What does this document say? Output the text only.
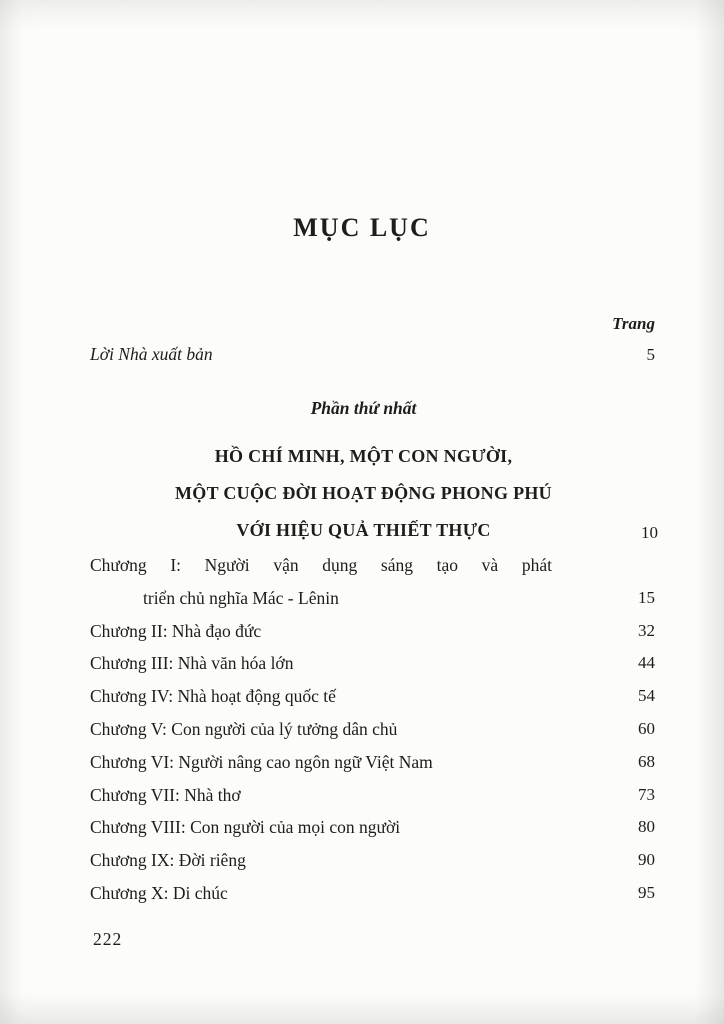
MỤC LỤC
Trang
Lời Nhà xuất bản	5
Phần thứ nhất
HỒ CHÍ MINH, MỘT CON NGƯỜI,
MỘT CUỘC ĐỜI HOẠT ĐỘNG PHONG PHÚ
VỚI HIỆU QUẢ THIẾT THỰC	10
Chương I: Người vận dụng sáng tạo và phát
triển chủ nghĩa Mác - Lênin	15
Chương II: Nhà đạo đức	32
Chương III: Nhà văn hóa lớn	44
Chương IV: Nhà hoạt động quốc tế	54
Chương V: Con người của lý tưởng dân chủ	60
Chương VI: Người nâng cao ngôn ngữ Việt Nam	68
Chương VII: Nhà thơ	73
Chương VIII: Con người của mọi con người	80
Chương IX: Đời riêng	90
Chương X: Di chúc	95
222
